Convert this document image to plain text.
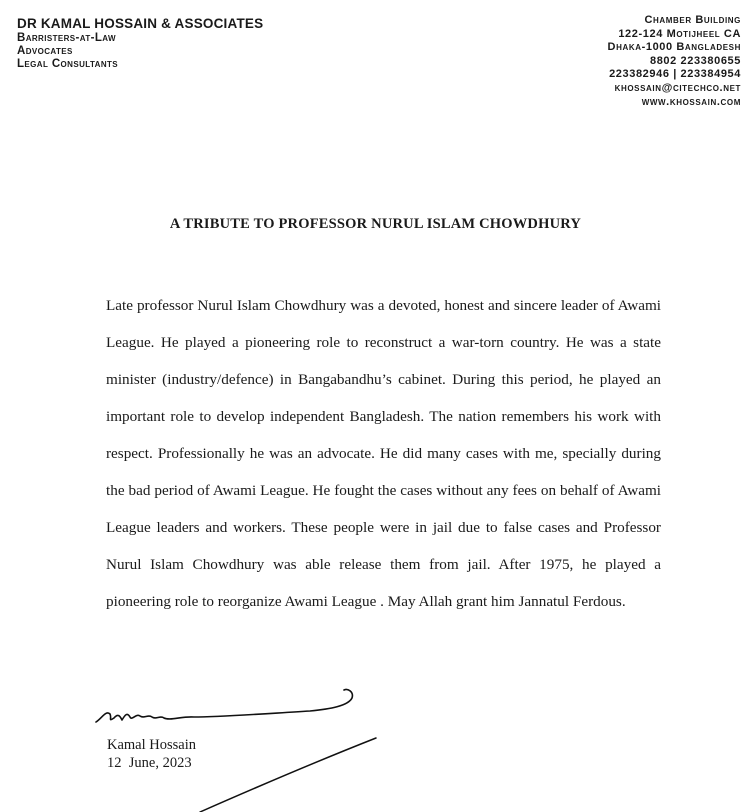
DR KAMAL HOSSAIN & ASSOCIATES
Barristers-at-Law
Advocates
Legal Consultants
Chamber Building
122-124 Motijheel CA
Dhaka-1000 Bangladesh
8802 223380655
223382946 | 223384954
khossain@citechco.net
www.khossain.com
A TRIBUTE TO PROFESSOR NURUL ISLAM CHOWDHURY

Late professor Nurul Islam Chowdhury was a devoted, honest and sincere leader of Awami League. He played a pioneering role to reconstruct a war-torn country. He was a state minister (industry/defence) in Bangabandhu’s cabinet. During this period, he played an important role to develop independent Bangladesh. The nation remembers his work with respect. Professionally he was an advocate. He did many cases with me, specially during the bad period of Awami League. He fought the cases without any fees on behalf of Awami League leaders and workers. These people were in jail due to false cases and Professor Nurul Islam Chowdhury was able release them from jail. After 1975, he played a pioneering role to reorganize Awami League . May Allah grant him Jannatul Ferdous.

Kamal Hossain
12  June, 2023
